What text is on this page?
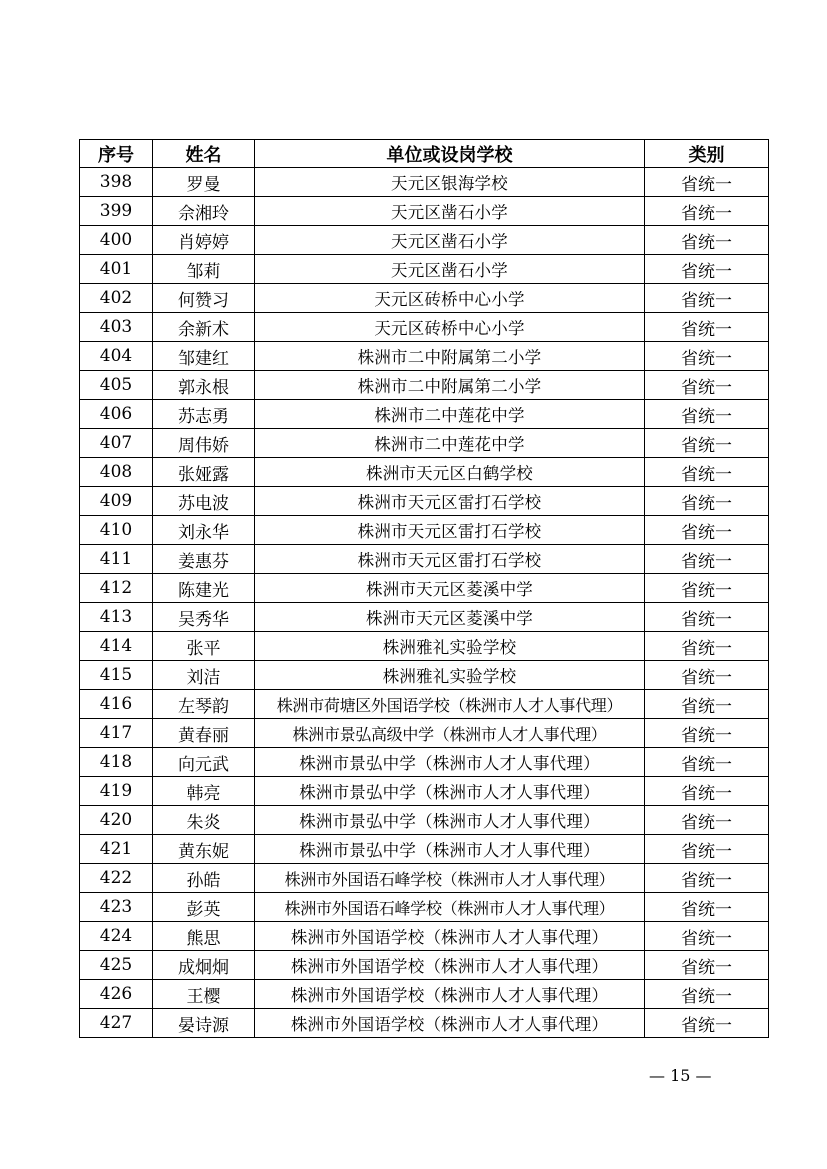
序号	姓名	单位或设岗学校	类别
398	罗曼	天元区银海学校	省统一
399	佘湘玲	天元区凿石小学	省统一
400	肖婷婷	天元区凿石小学	省统一
401	邹莉	天元区凿石小学	省统一
402	何赞习	天元区砖桥中心小学	省统一
403	余新术	天元区砖桥中心小学	省统一
404	邹建红	株洲市二中附属第二小学	省统一
405	郭永根	株洲市二中附属第二小学	省统一
406	苏志勇	株洲市二中莲花中学	省统一
407	周伟娇	株洲市二中莲花中学	省统一
408	张娅露	株洲市天元区白鹤学校	省统一
409	苏电波	株洲市天元区雷打石学校	省统一
410	刘永华	株洲市天元区雷打石学校	省统一
411	姜惠芬	株洲市天元区雷打石学校	省统一
412	陈建光	株洲市天元区菱溪中学	省统一
413	吴秀华	株洲市天元区菱溪中学	省统一
414	张平	株洲雅礼实验学校	省统一
415	刘洁	株洲雅礼实验学校	省统一
416	左琴韵	株洲市荷塘区外国语学校（株洲市人才人事代理）	省统一
417	黄春丽	株洲市景弘高级中学（株洲市人才人事代理）	省统一
418	向元武	株洲市景弘中学（株洲市人才人事代理）	省统一
419	韩亮	株洲市景弘中学（株洲市人才人事代理）	省统一
420	朱炎	株洲市景弘中学（株洲市人才人事代理）	省统一
421	黄东妮	株洲市景弘中学（株洲市人才人事代理）	省统一
422	孙皓	株洲市外国语石峰学校（株洲市人才人事代理）	省统一
423	彭英	株洲市外国语石峰学校（株洲市人才人事代理）	省统一
424	熊思	株洲市外国语学校（株洲市人才人事代理）	省统一
425	成炯炯	株洲市外国语学校（株洲市人才人事代理）	省统一
426	王樱	株洲市外国语学校（株洲市人才人事代理）	省统一
427	晏诗源	株洲市外国语学校（株洲市人才人事代理）	省统一
— 15 —
